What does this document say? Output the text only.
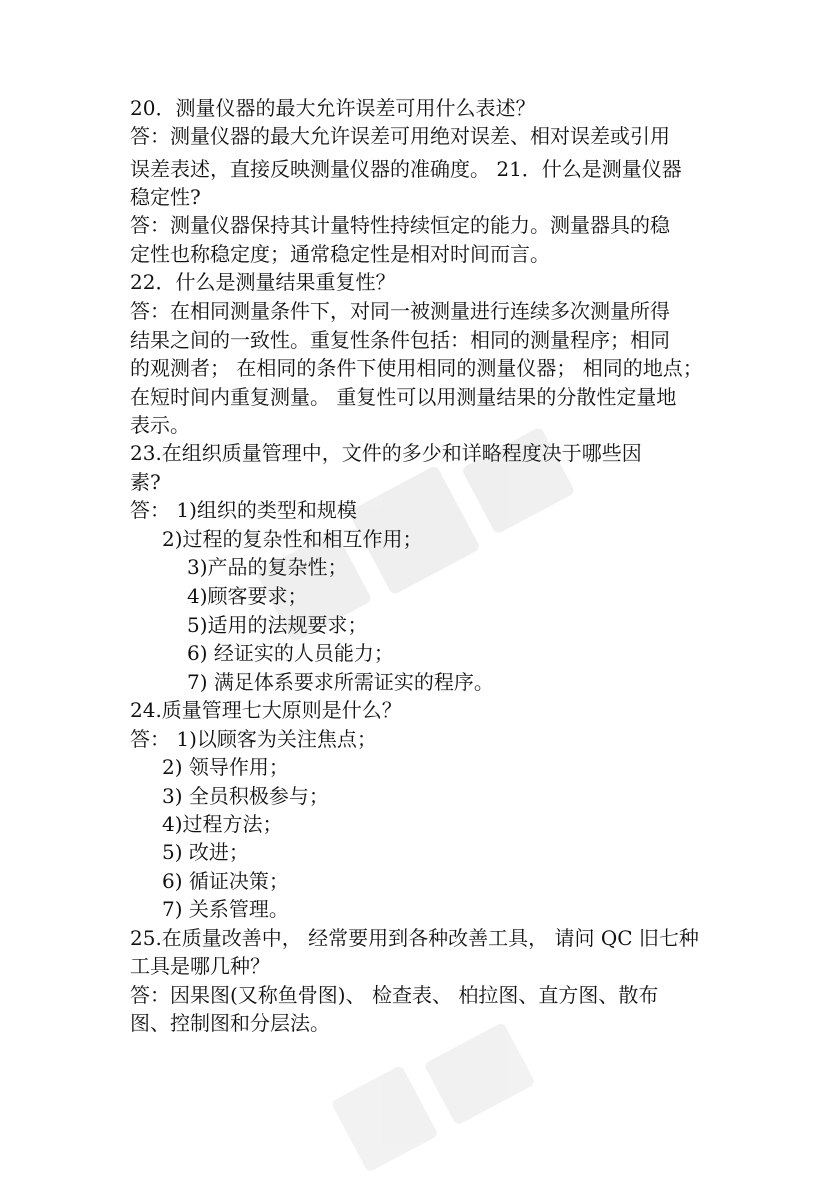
20．测量仪器的最大允许误差可用什么表述？
答：测量仪器的最大允许误差可用绝对误差、相对误差或引用
误差表述，直接反映测量仪器的准确度。 21．什么是测量仪器
稳定性?
答：测量仪器保持其计量特性持续恒定的能力。测量器具的稳
定性也称稳定度；通常稳定性是相对时间而言。
22．什么是测量结果重复性？
答：在相同测量条件下，对同一被测量进行连续多次测量所得
结果之间的一致性。重复性条件包括：相同的测量程序；相同
的观测者； 在相同的条件下使用相同的测量仪器； 相同的地点；
在短时间内重复测量。 重复性可以用测量结果的分散性定量地
表示。
23.在组织质量管理中，文件的多少和详略程度决于哪些因
素?
答： 1)组织的类型和规模
2)过程的复杂性和相互作用；
3)产品的复杂性；
4)顾客要求；
5)适用的法规要求；
6) 经证实的人员能力；
7) 满足体系要求所需证实的程序。
24.质量管理七大原则是什么？
答： 1)以顾客为关注焦点；
2) 领导作用；
3) 全员积极参与；
4)过程方法；
5) 改进；
6) 循证决策；
7) 关系管理。
25.在质量改善中， 经常要用到各种改善工具， 请问 QC 旧七种
工具是哪几种？
答：因果图(又称鱼骨图)、 检查表、 柏拉图、直方图、散布
图、控制图和分层法。
